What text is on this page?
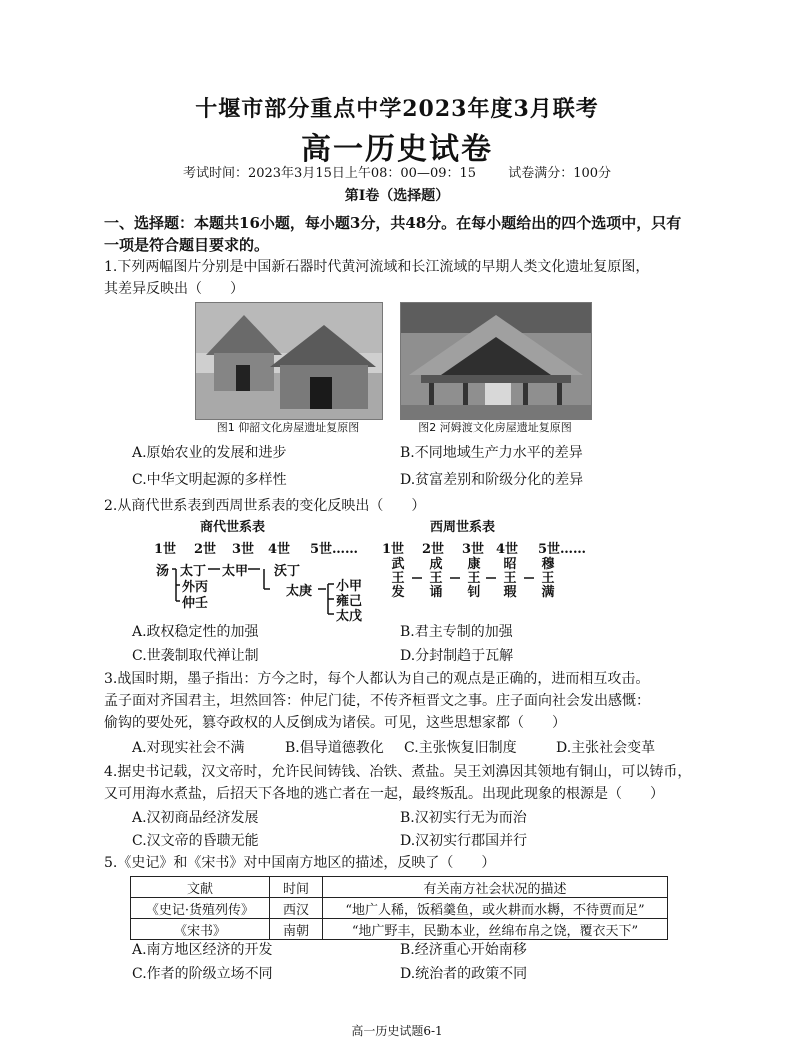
十堰市部分重点中学2023年度3月联考
高一历史试卷
考试时间：2023年3月15日上午08：00—09：15 试卷满分：100分
第Ⅰ卷（选择题）
一、选择题：本题共16小题，每小题3分，共48分。在每小题给出的四个选项中，只有
一项是符合题目要求的。
1.下列两幅图片分别是中国新石器时代黄河流域和长江流域的早期人类文化遗址复原图，
其差异反映出（　　）
图1 仰韶文化房屋遗址复原图	图2 河姆渡文化房屋遗址复原图
A.原始农业的发展和进步	B.不同地域生产力水平的差异
C.中华文明起源的多样性	D.贫富差别和阶级分化的差异
2.从商代世系表到西周世系表的变化反映出（　　）
商代世系表	西周世系表
1世 2世 3世 4世 5世…… 1世 2世 3世 4世 5世……
汤 太丁
外丙
仲壬
太甲 沃丁
太庚 小甲
雍己
太戊
武
王
发
成
王
诵
康
王
钊
昭
王
瑕
穆
王
满
A.政权稳定性的加强	B.君主专制的加强
C.世袭制取代禅让制	D.分封制趋于瓦解
3.战国时期，墨子指出：方今之时，每个人都认为自己的观点是正确的，进而相互攻击。
孟子面对齐国君主，坦然回答：仲尼门徒，不传齐桓晋文之事。庄子面向社会发出感慨：
偷钩的要处死，篡夺政权的人反倒成为诸侯。可见，这些思想家都（　　）
A.对现实社会不满	B.倡导道德教化 C.主张恢复旧制度	D.主张社会变革
4.据史书记载，汉文帝时，允许民间铸钱、冶铁、煮盐。吴王刘濞因其领地有铜山，可以铸币，
又可用海水煮盐，后招天下各地的逃亡者在一起，最终叛乱。出现此现象的根源是（　　）
A.汉初商品经济发展	B.汉初实行无为而治
C.汉文帝的昏聩无能	D.汉初实行郡国并行
5.《史记》和《宋书》对中国南方地区的描述，反映了（　　）
文献	时间	有关南方社会状况的描述
《史记·货殖列传》	西汉	“地广人稀，饭稻羹鱼，或火耕而水耨，不待贾而足”
《宋书》	南朝	“地广野丰，民勤本业，丝绵布帛之饶，覆衣天下”
A.南方地区经济的开发	B.经济重心开始南移
C.作者的阶级立场不同	D.统治者的政策不同
高一历史试题6-1
